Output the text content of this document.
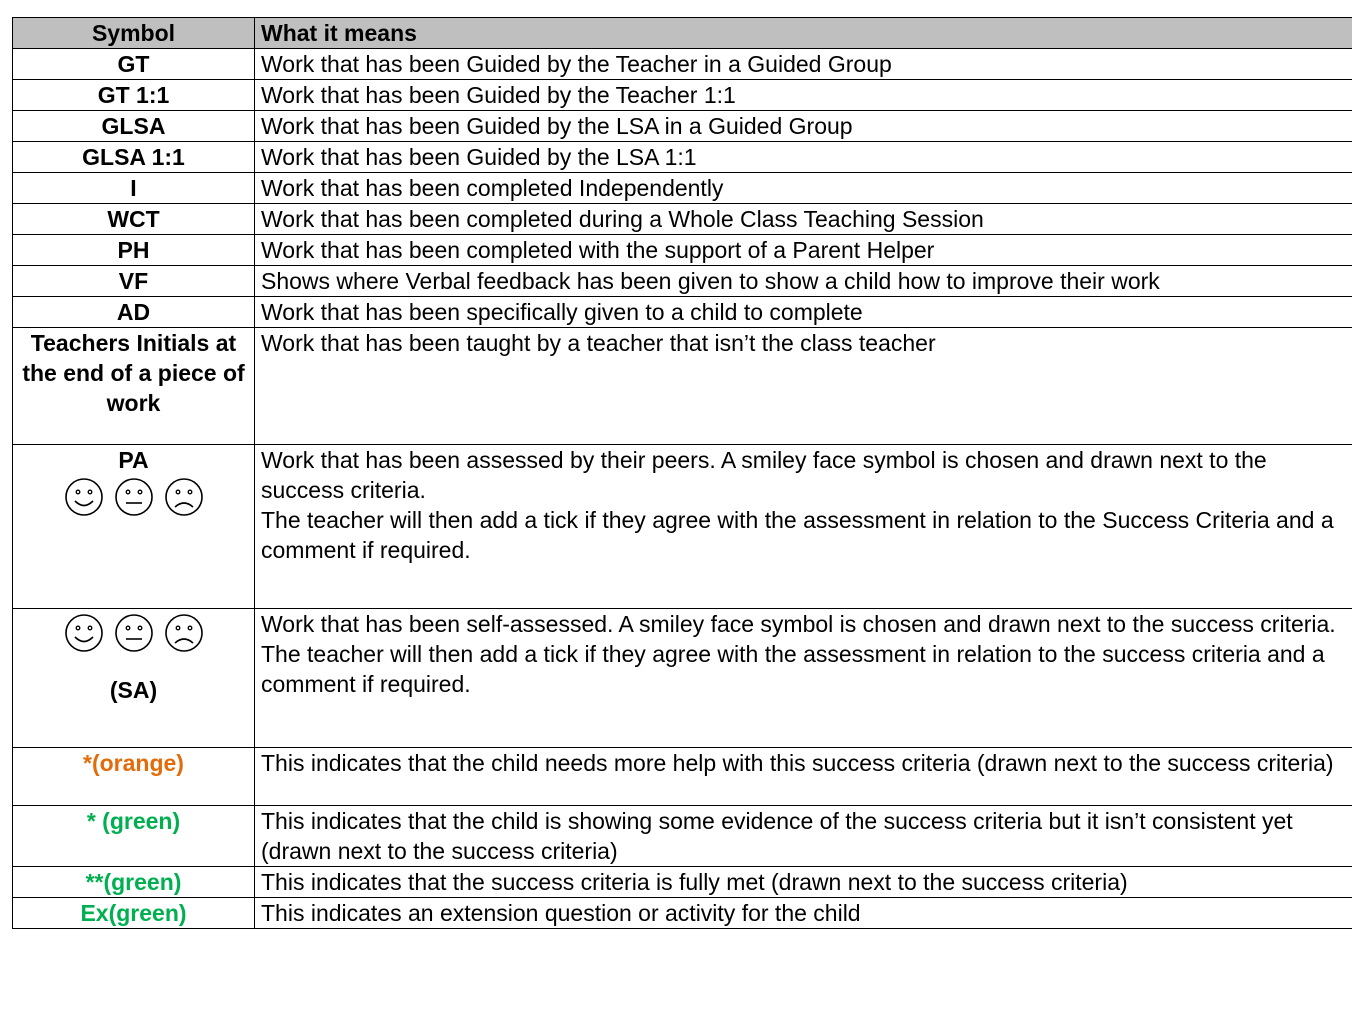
Symbol	What it means
GT	Work that has been Guided by the Teacher in a Guided Group
GT 1:1	Work that has been Guided by the Teacher 1:1
GLSA	Work that has been Guided by the LSA in a Guided Group
GLSA 1:1	Work that has been Guided by the LSA 1:1
I	Work that has been completed Independently
WCT	Work that has been completed during a Whole Class Teaching Session
PH	Work that has been completed with the support of a Parent Helper
VF	Shows where Verbal feedback has been given to show a child how to improve their work
AD	Work that has been specifically given to a child to complete
Teachers Initials at the end of a piece of work	Work that has been taught by a teacher that isn’t the class teacher

PA	Work that has been assessed by their peers. A smiley face symbol is chosen and drawn next to the success criteria.
The teacher will then add a tick if they agree with the assessment in relation to the Success Criteria and a comment if required.

(SA)	Work that has been self-assessed. A smiley face symbol is chosen and drawn next to the success criteria.
The teacher will then add a tick if they agree with the assessment in relation to the success criteria and a comment if required.

*(orange)	This indicates that the child needs more help with this success criteria (drawn next to the success criteria)
* (green)	This indicates that the child is showing some evidence of the success criteria but it isn’t consistent yet (drawn next to the success criteria)
**(green)	This indicates that the success criteria is fully met (drawn next to the success criteria)
Ex(green)	This indicates an extension question or activity for the child
